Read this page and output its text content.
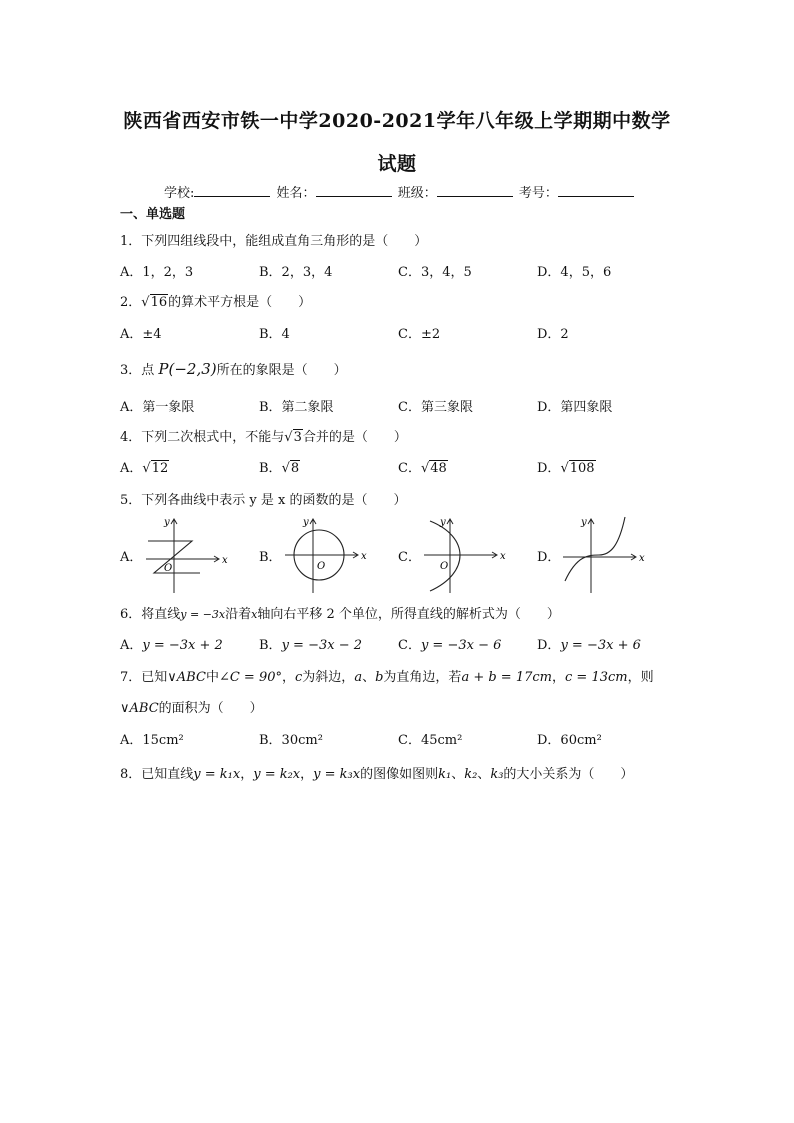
陕西省西安市铁一中学2020-2021学年八年级上学期期中数学
试题
学校:	姓名：	班级：	考号：
一、单选题
1．下列四组线段中，能组成直角三角形的是（　　）
A．1，2，3	B．2，3，4	C．3，4，5	D．4，5，6
2．√16的算术平方根是（　　）
A．±4	B．4	C．±2	D．2
3．点 P(−2,3)所在的象限是（　　）
A．第一象限	B．第二象限	C．第三象限	D．第四象限
4．下列二次根式中，不能与√3合并的是（　　）
A．√12	B．√8	C．√48	D．√108
5．下列各曲线中表示 y 是 x 的函数的是（　　）
A．	B．	C．	D．
x
y
O
x
y
O
x
y
O
x
y
6．将直线y = −3x沿着x轴向右平移 2 个单位，所得直线的解析式为（　　）
A．y = −3x + 2	B．y = −3x − 2	C．y = −3x − 6	D．y = −3x + 6
7．已知∨ABC中∠C = 90°，c为斜边，a、b为直角边，若a + b = 17cm，c = 13cm，则
∨ABC的面积为（　　）
A．15cm²	B．30cm²	C．45cm²	D．60cm²
8．已知直线y = k₁x，y = k₂x，y = k₃x的图像如图则k₁、k₂、k₃的大小关系为（　　）
